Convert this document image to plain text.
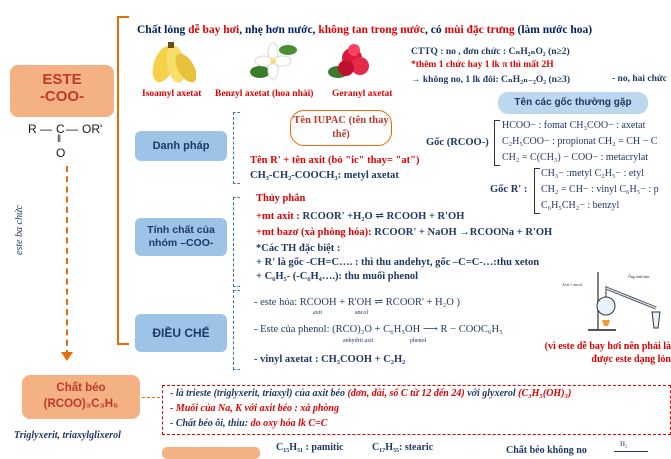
ESTE
-COO-
R — C — OR'
‖
O
este ba chức
Chất lỏng dễ bay hơi, nhẹ hơn nước, không tan trong nước, có mùi đặc trưng (làm nước hoa)
Isoamyl axetat Benzyl axetat (hoa nhài) Geranyl axetat
CTTQ : no , đơn chức : CₙH₂ₙO₂ (n≥2)
*thêm 1 chức hay 1 lk π thì mất 2H
→ không no, 1 lk đôi: CₙH₂ₙ₋₂O₂ (n≥3)	- no, hai chức
Danh pháp
Tên IUPAC (tên thay thế)
Tên R' + tên axit (bỏ "ic" thay= "at")
CH₃-CH₂-COOCH₃: metyl axetat
Tên các gốc thường gặp
Gốc (RCOO-)
HCOO− : fomat CH₃COO− : axetat
C₂H₅COO− : propionat CH₂ = CH − C
CH₂ = C(CH₃) − COO− : metacrylat
Gốc R' :
CH₃− :metyl C₂H₅− : etyl
CH₂ = CH− : vinyl C₆H₅− : p
C₆H₅CH₂− : benzyl
Tính chất của nhóm –COO-
Thủy phân
+mt axit : RCOOR' +H₂O ⇌ RCOOH + R'OH
+mt bazơ (xà phòng hóa): RCOOR' + NaOH →RCOONa + R'OH
*Các TH đặc biệt :
+ R' là gốc -CH=C…. : thì thu andehyt, gốc –C=C-…:thu xeton
+ C₆H₅- (-C₆H₄….): thu muối phenol
ĐIỀU CHẾ
- este hóa: RCOOH + R'OH ⇌ RCOOR' + H₂O )
axit	ancol
- Este của phenol: (RCO)₂O + C₆H₅OH ⟶ R − COOC₆H₅
anhydrit axit	phenol
- vinyl axetat : CH₃COOH + C₂H₂
Axit + ancol
Ống sinh hàn
(vì este dễ bay hơi nên phải là được este dạng lỏn
Chất béo
(RCOO)₃C₃H₅
Triglyxerit, triaxylglixerol
- là trieste (triglyxerit, triaxyl) của axit béo (đơn, dài, số C từ 12 đến 24) với glyxerol (C₃H₅(OH)₃)
- Muối của Na, K với axit béo : xà phòng
- Chất béo ôi, thiu: do oxy hóa lk C=C
C₁₅H₃₁ : pamitic	C₁₇H₃₅: stearic	Chất béo không no
H₂
